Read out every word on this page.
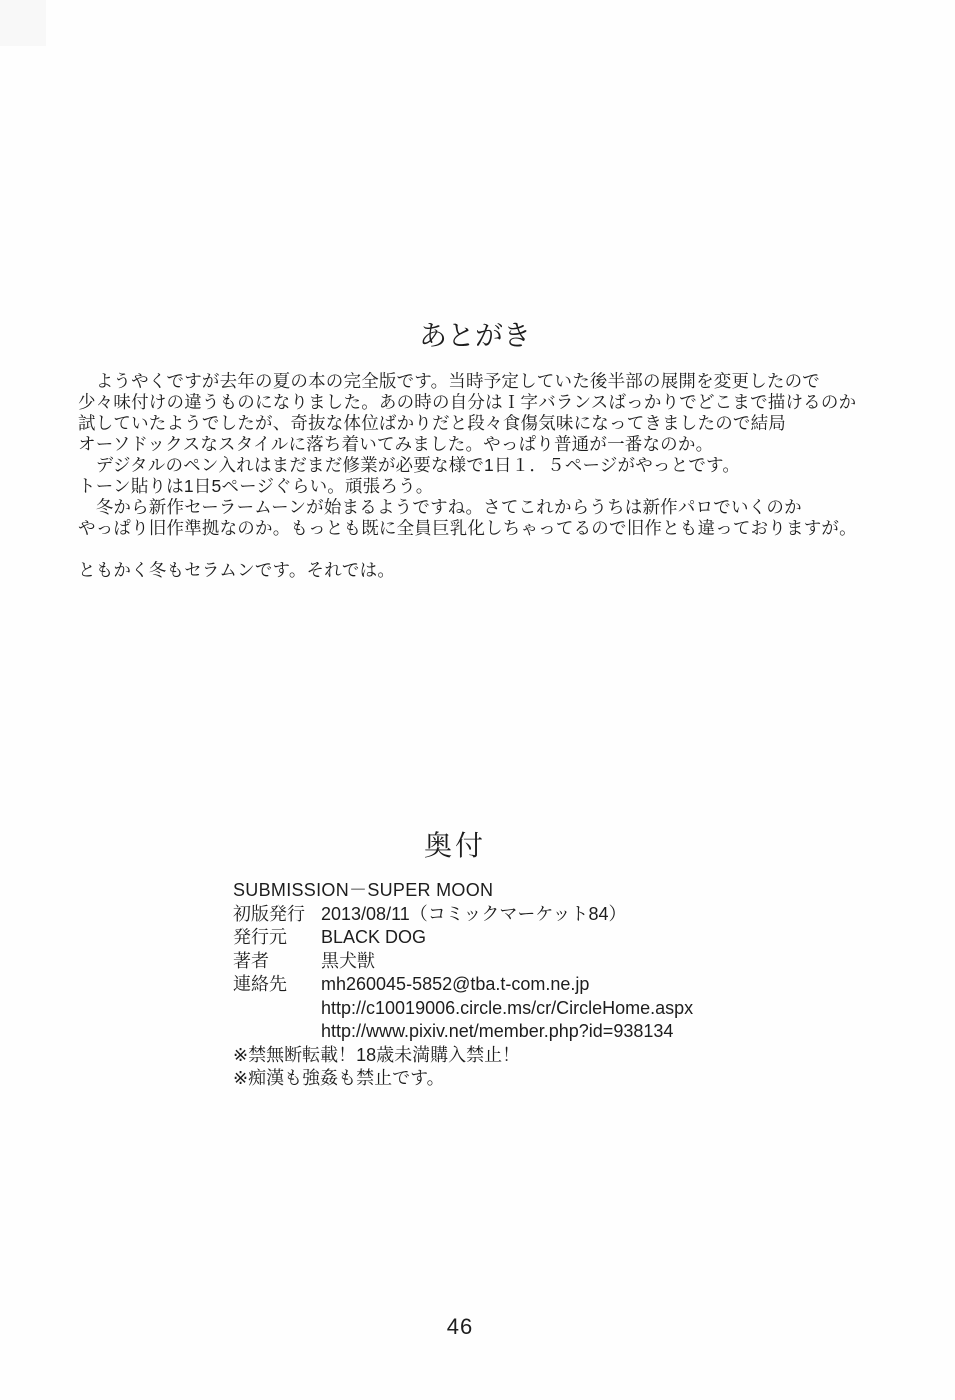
あとがき
　ようやくですが去年の夏の本の完全版です。当時予定していた後半部の展開を変更したので
少々味付けの違うものになりました。あの時の自分はＩ字バランスばっかりでどこまで描けるのか
試していたようでしたが、奇抜な体位ばかりだと段々食傷気味になってきましたので結局
オーソドックスなスタイルに落ち着いてみました。やっぱり普通が一番なのか。
　デジタルのペン入れはまだまだ修業が必要な様で1日１．５ページがやっとです。
トーン貼りは1日5ページぐらい。頑張ろう。
　冬から新作セーラームーンが始まるようですね。さてこれからうちは新作パロでいくのか
やっぱり旧作準拠なのか。もっとも既に全員巨乳化しちゃってるので旧作とも違っておりますが。
ともかく冬もセラムンです。それでは。
奥付
SUBMISSION－SUPER MOON
初版発行 2013/08/11（コミックマーケット84）
発行元	BLACK DOG
著者	黒犬獣
連絡先	mh260045-5852@tba.t-com.ne.jp
http://c10019006.circle.ms/cr/CircleHome.aspx
http://www.pixiv.net/member.php?id=938134
※禁無断転載！18歳未満購入禁止！
※痴漢も強姦も禁止です。
46
